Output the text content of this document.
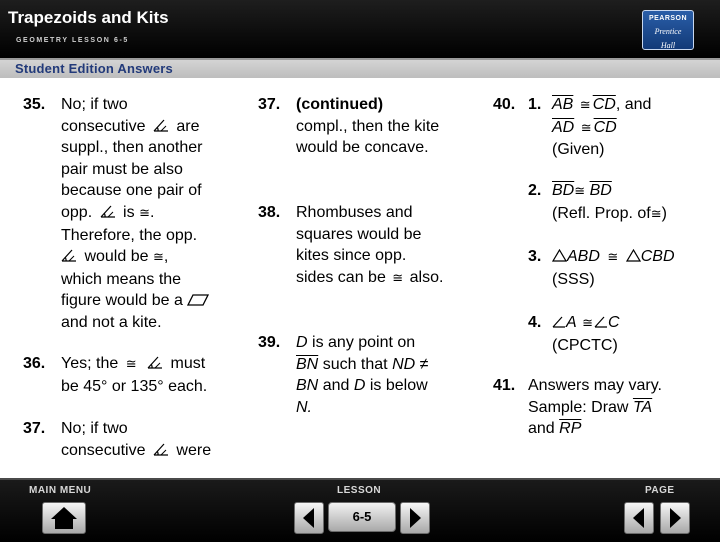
Trapezoids and Kits
GEOMETRY LESSON 6-5
PEARSON
Prentice
Hall
Student Edition Answers
35. No; if two
consecutive are
suppl., then another
pair must be also
because one pair of
opp. is ≅.
Therefore, the opp.
would be ≅,
which means the
figure would be a
and not a kite.
36. Yes; the ≅ must
be 45° or 135° each.
37. No; if two
consecutive were
37. (continued)
compl., then the kite
would be concave.
38. Rhombuses and
squares would be
kites since opp.
sides can be ≅ also.
39. D is any point on
$\overline{BN}$ such that ND ≠
BN and D is below
N.
40. 1. $\overline{AB}$ ≅ $\overline{CD}$, and
$\overline{AD}$ ≅ $\overline{CD}$
(Given)
2. $\overline{BD}≅$ $\overline{BD}$
(Refl. Prop. of≅)
3.	ABD ≅ CBD
(SSS)
4.	A ≅ C
(CPCTC)
41. Answers may vary.
Sample: Draw $\overline{TA}$
and $\overline{RP}$
MAIN MENU	LESSON	PAGE
6-5
